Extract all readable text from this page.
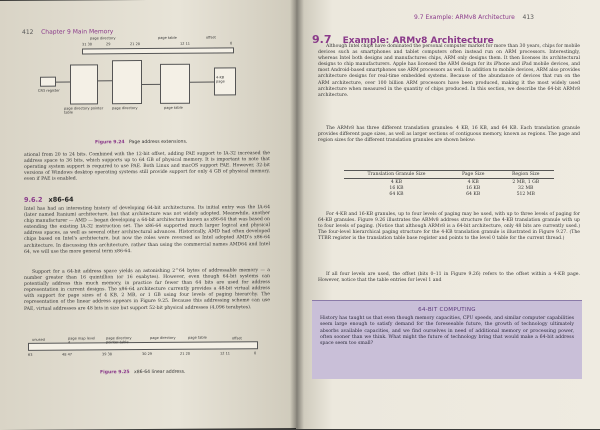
412 Chapter 9 Main Memory
31 30	29	21 20	12 11	0
page directory	page table	offset
CR3 register
page directory pointer table
page directory	page table
4-KB page
Figure 9.24 Page address extensions.
ational from 20 to 24 bits. Combined with the 12-bit offset, adding PAE support to IA-32 increased the address space to 36 bits, which supports up to 64 GB of physical memory. It is important to note that operating system support is required to use PAE. Both Linux and macOS support PAE. However, 32-bit versions of Windows desktop operating systems still provide support for only 4 GB of physical memory, even if PAE is enabled.
9.6.2 x86-64
Intel has had an interesting history of developing 64-bit architectures. Its initial entry was the IA-64 (later named Itanium) architecture, but that architecture was not widely adopted. Meanwhile, another chip manufacturer — AMD — began developing a 64-bit architecture known as x86-64 that was based on extending the existing IA-32 instruction set. The x86-64 supported much larger logical and physical address spaces, as well as several other architectural advances. Historically, AMD had often developed chips based on Intel's architecture, but now the roles were reversed as Intel adopted AMD's x86-64 architecture. In discussing this architecture, rather than using the commercial names AMD64 and Intel 64, we will use the more general term x86-64.
Support for a 64-bit address space yields an astonishing 2^64 bytes of addressable memory — a number greater than 16 quintillion (or 16 exabytes). However, even though 64-bit systems can potentially address this much memory, in practice far fewer than 64 bits are used for address representation in current designs. The x86-64 architecture currently provides a 48-bit virtual address with support for page sizes of 4 KB, 2 MB, or 1 GB using four levels of paging hierarchy. The representation of the linear address appears in Figure 9.25. Because this addressing scheme can use PAE, virtual addresses are 48 bits in size but support 52-bit physical addresses (4,096 terabytes).
unused	page map level 4
page directory pointer table
page directory	page table	offset
63	48 47	39 38	30 29	21 20	12 11	0
Figure 9.25 x86-64 linear address.
9.7 Example: ARMv8 Architecture 413
9.7 Example: ARMv8 Architecture
Although Intel chips have dominated the personal computer market for more than 30 years, chips for mobile devices such as smartphones and tablet computers often instead run on ARM processors. Interestingly, whereas Intel both designs and manufactures chips, ARM only designs them. It then licenses its architectural designs to chip manufacturers. Apple has licensed the ARM design for its iPhone and iPad mobile devices, and most Android-based smartphones use ARM processors as well. In addition to mobile devices, ARM also provides architecture designs for real-time embedded systems. Because of the abundance of devices that run on the ARM architecture, over 100 billion ARM processors have been produced, making it the most widely used architecture when measured in the quantity of chips produced. In this section, we describe the 64-bit ARMv8 architecture.
The ARMv8 has three different translation granules: 4 KB, 16 KB, and 64 KB. Each translation granule provides different page sizes, as well as larger sections of contiguous memory, known as regions. The page and region sizes for the different translation granules are shown below:
Translation Granule Size	Page Size	Region Size
4 KB	4 KB	2 MB, 1 GB
16 KB	16 KB	32 MB
64 KB	64 KB	512 MB
For 4-KB and 16-KB granules, up to four levels of paging may be used, with up to three levels of paging for 64-KB granules. Figure 9.26 illustrates the ARMv8 address structure for the 4-KB translation granule with up to four levels of paging. (Notice that although ARMv8 is a 64-bit architecture, only 48 bits are currently used.) The four-level hierarchical paging structure for the 4-KB translation granule is illustrated in Figure 9.27. (The TTBR register is the translation table base register and points to the level 0 table for the current thread.)
If all four levels are used, the offset (bits 0–11 in Figure 9.26) refers to the offset within a 4-KB page. However, notice that the table entries for level 1 and
64-BIT COMPUTING
History has taught us that even though memory capacities, CPU speeds, and similar computer capabilities seem large enough to satisfy demand for the foreseeable future, the growth of technology ultimately absorbs available capacities, and we find ourselves in need of additional memory or processing power, often sooner than we think. What might the future of technology bring that would make a 64-bit address space seem too small?
